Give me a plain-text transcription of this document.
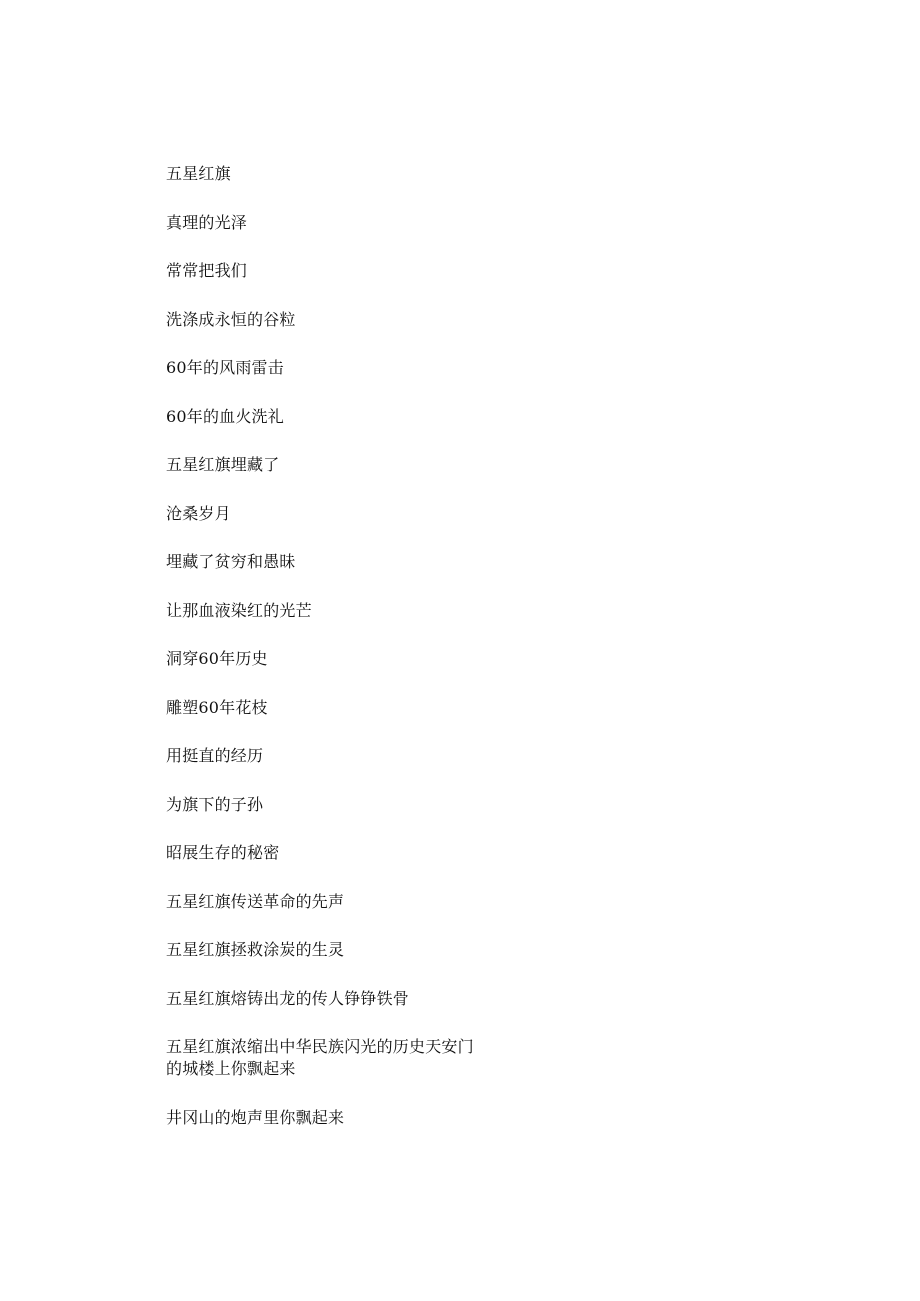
五星红旗
真理的光泽
常常把我们
洗涤成永恒的谷粒
60年的风雨雷击
60年的血火洗礼
五星红旗埋藏了
沧桑岁月
埋藏了贫穷和愚昧
让那血液染红的光芒
洞穿60年历史
雕塑60年花枝
用挺直的经历
为旗下的子孙
昭展生存的秘密
五星红旗传送革命的先声
五星红旗拯救涂炭的生灵
五星红旗熔铸出龙的传人铮铮铁骨
五星红旗浓缩出中华民族闪光的历史天安门
的城楼上你飘起来
井冈山的炮声里你飘起来
